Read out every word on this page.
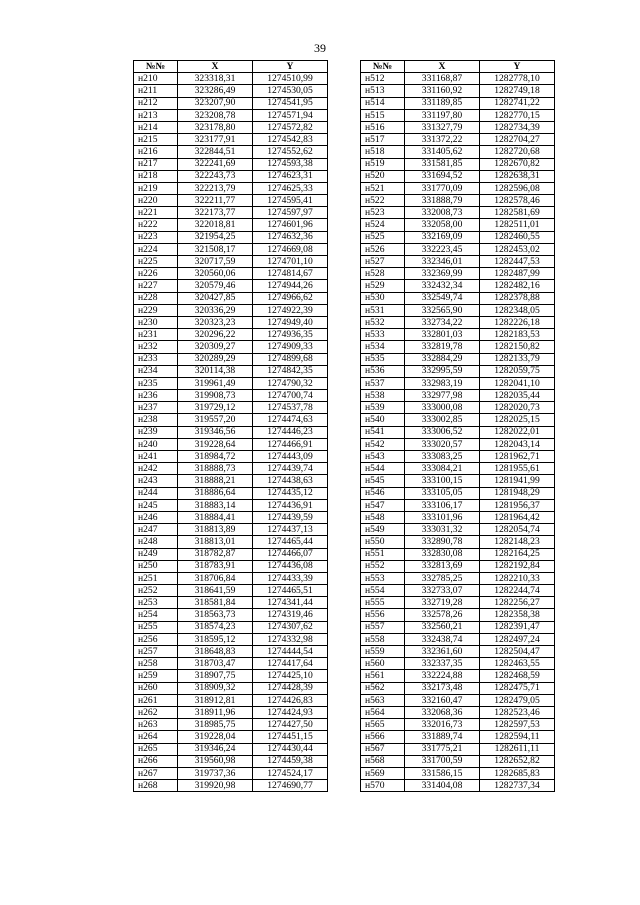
39
№№	X	Y
н210	323318,31	1274510,99
н211	323286,49	1274530,05
н212	323207,90	1274541,95
н213	323208,78	1274571,94
н214	323178,80	1274572,82
н215	323177,91	1274542,83
н216	322844,51	1274552,62
н217	322241,69	1274593,38
н218	322243,73	1274623,31
н219	322213,79	1274625,33
н220	322211,77	1274595,41
н221	322173,77	1274597,97
н222	322018,81	1274601,96
н223	321954,25	1274632,36
н224	321508,17	1274669,08
н225	320717,59	1274701,10
н226	320560,06	1274814,67
н227	320579,46	1274944,26
н228	320427,85	1274966,62
н229	320336,29	1274922,39
н230	320323,23	1274949,40
н231	320296,22	1274936,35
н232	320309,27	1274909,33
н233	320289,29	1274899,68
н234	320114,38	1274842,35
н235	319961,49	1274790,32
н236	319908,73	1274700,74
н237	319729,12	1274537,78
н238	319557,20	1274474,63
н239	319346,56	1274446,23
н240	319228,64	1274466,91
н241	318984,72	1274443,09
н242	318888,73	1274439,74
н243	318888,21	1274438,63
н244	318886,64	1274435,12
н245	318883,14	1274436,91
н246	318884,41	1274439,59
н247	318813,89	1274437,13
н248	318813,01	1274465,44
н249	318782,87	1274466,07
н250	318783,91	1274436,08
н251	318706,84	1274433,39
н252	318641,59	1274465,51
н253	318581,84	1274341,44
н254	318563,73	1274319,46
н255	318574,23	1274307,62
н256	318595,12	1274332,98
н257	318648,83	1274444,54
н258	318703,47	1274417,64
н259	318907,75	1274425,10
н260	318909,32	1274428,39
н261	318912,81	1274426,83
н262	318911,96	1274424,93
н263	318985,75	1274427,50
н264	319228,04	1274451,15
н265	319346,24	1274430,44
н266	319560,98	1274459,38
н267	319737,36	1274524,17
н268	319920,98	1274690,77
№№	X	Y
н512	331168,87	1282778,10
н513	331160,92	1282749,18
н514	331189,85	1282741,22
н515	331197,80	1282770,15
н516	331327,79	1282734,39
н517	331372,22	1282704,27
н518	331405,62	1282720,68
н519	331581,85	1282670,82
н520	331694,52	1282638,31
н521	331770,09	1282596,08
н522	331888,79	1282578,46
н523	332008,73	1282581,69
н524	332058,00	1282511,01
н525	332169,09	1282460,55
н526	332223,45	1282453,02
н527	332346,01	1282447,53
н528	332369,99	1282487,99
н529	332432,34	1282482,16
н530	332549,74	1282378,88
н531	332565,90	1282348,05
н532	332734,22	1282226,18
н533	332801,03	1282183,53
н534	332819,78	1282150,82
н535	332884,29	1282133,79
н536	332995,59	1282059,75
н537	332983,19	1282041,10
н538	332977,98	1282035,44
н539	333000,08	1282020,73
н540	333002,85	1282025,15
н541	333006,52	1282022,01
н542	333020,57	1282043,14
н543	333083,25	1281962,71
н544	333084,21	1281955,61
н545	333100,15	1281941,99
н546	333105,05	1281948,29
н547	333106,17	1281956,37
н548	333101,96	1281964,42
н549	333031,32	1282054,74
н550	332890,78	1282148,23
н551	332830,08	1282164,25
н552	332813,69	1282192,84
н553	332785,25	1282210,33
н554	332733,07	1282244,74
н555	332719,28	1282256,27
н556	332578,26	1282358,38
н557	332560,21	1282391,47
н558	332438,74	1282497,24
н559	332361,60	1282504,47
н560	332337,35	1282463,55
н561	332224,88	1282468,59
н562	332173,48	1282475,71
н563	332160,47	1282479,05
н564	332068,36	1282523,46
н565	332016,73	1282597,53
н566	331889,74	1282594,11
н567	331775,21	1282611,11
н568	331700,59	1282652,82
н569	331586,15	1282685,83
н570	331404,08	1282737,34
